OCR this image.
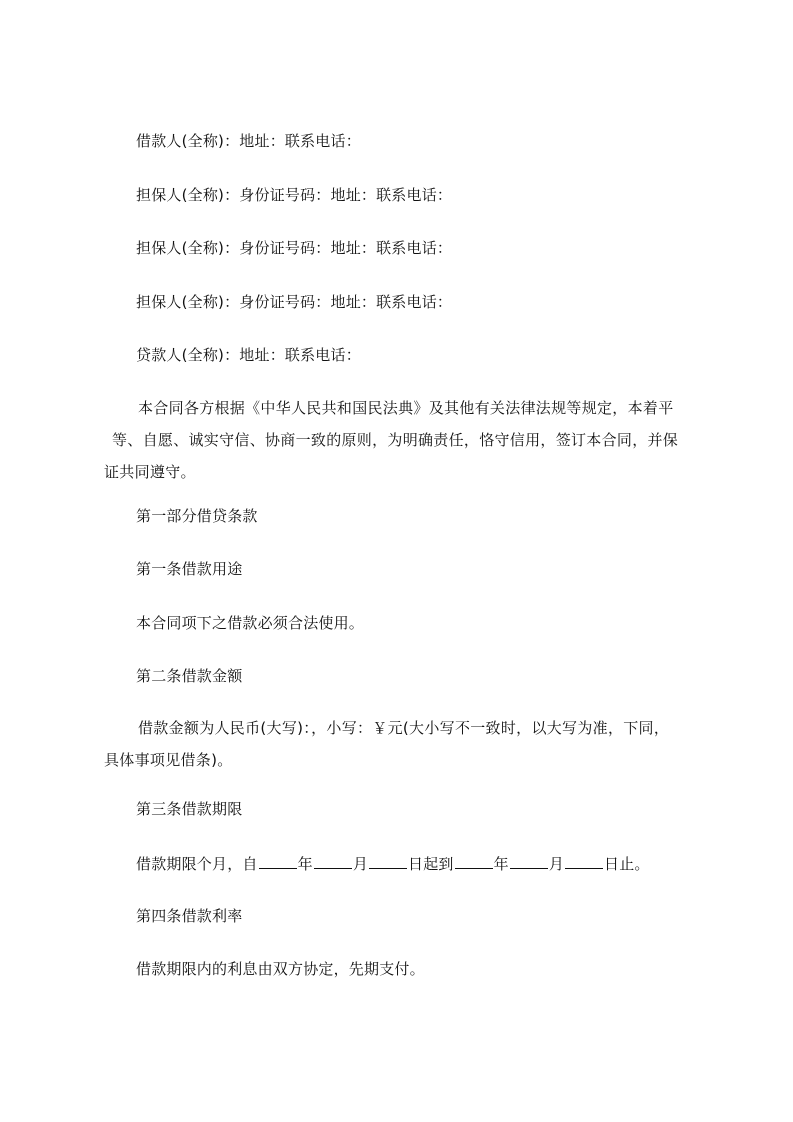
借款人(全称)：地址：联系电话：
担保人(全称)：身份证号码：地址：联系电话：
担保人(全称)：身份证号码：地址：联系电话：
担保人(全称)：身份证号码：地址：联系电话：
贷款人(全称)：地址：联系电话：
本合同各方根据《中华人民共和国民法典》及其他有关法律法规等规定，本着平
等、自愿、诚实守信、协商一致的原则，为明确责任，恪守信用，签订本合同，并保
证共同遵守。
第一部分借贷条款
第一条借款用途
本合同项下之借款必须合法使用。
第二条借款金额
借款金额为人民币(大写)：，小写：￥元(大小写不一致时，以大写为准，下同，
具体事项见借条)。
第三条借款期限
借款期限个月，自	年	月	日起到	年	月	日止。
第四条借款利率
借款期限内的利息由双方协定，先期支付。
